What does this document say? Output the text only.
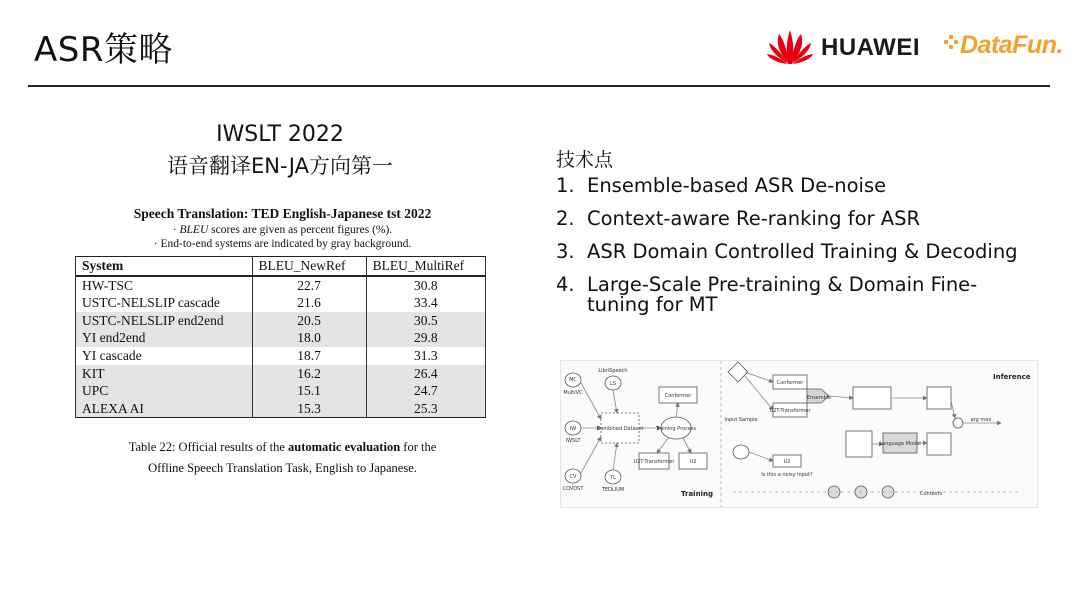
ASR策略	HUAWEI DataFun.
IWSLT 2022
语音翻译EN-JA方向第一
Speech Translation: TED English-Japanese tst 2022
· BLEU scores are given as percent figures (%).
· End-to-end systems are indicated by gray background.
System	BLEU_NewRef	BLEU_MultiRef
HW-TSC	22.7	30.8
USTC-NELSLIP cascade	21.6	33.4
USTC-NELSLIP end2end	20.5	30.5
YI end2end	18.0	29.8
YI cascade	18.7	31.3
KIT	16.2	26.4
UPC	15.1	24.7
ALEXA AI	15.3	25.3
Table 22: Official results of the automatic evaluation for the
Offline Speech Translation Task, English to Japanese.
技术点
1. Ensemble-based ASR De-noise
2. Context-aware Re-ranking for ASR
3. ASR Domain Controlled Training & Decoding
4. Large-Scale Pre-training & Domain Fine-tuning for MT
MC
MultiVC
LibriSpeech
LS
IW
IWSLT
Combined Dataset	Training Process
Conformer
U2T-Transformer	U2
CV
COVOST
TL
TEDLIUM
Input Sample
Conformer
U2T-Transformer
U2
Is this a noisy input?
Ensemble
Language Model
arg max
Contexts
Training
Inference
